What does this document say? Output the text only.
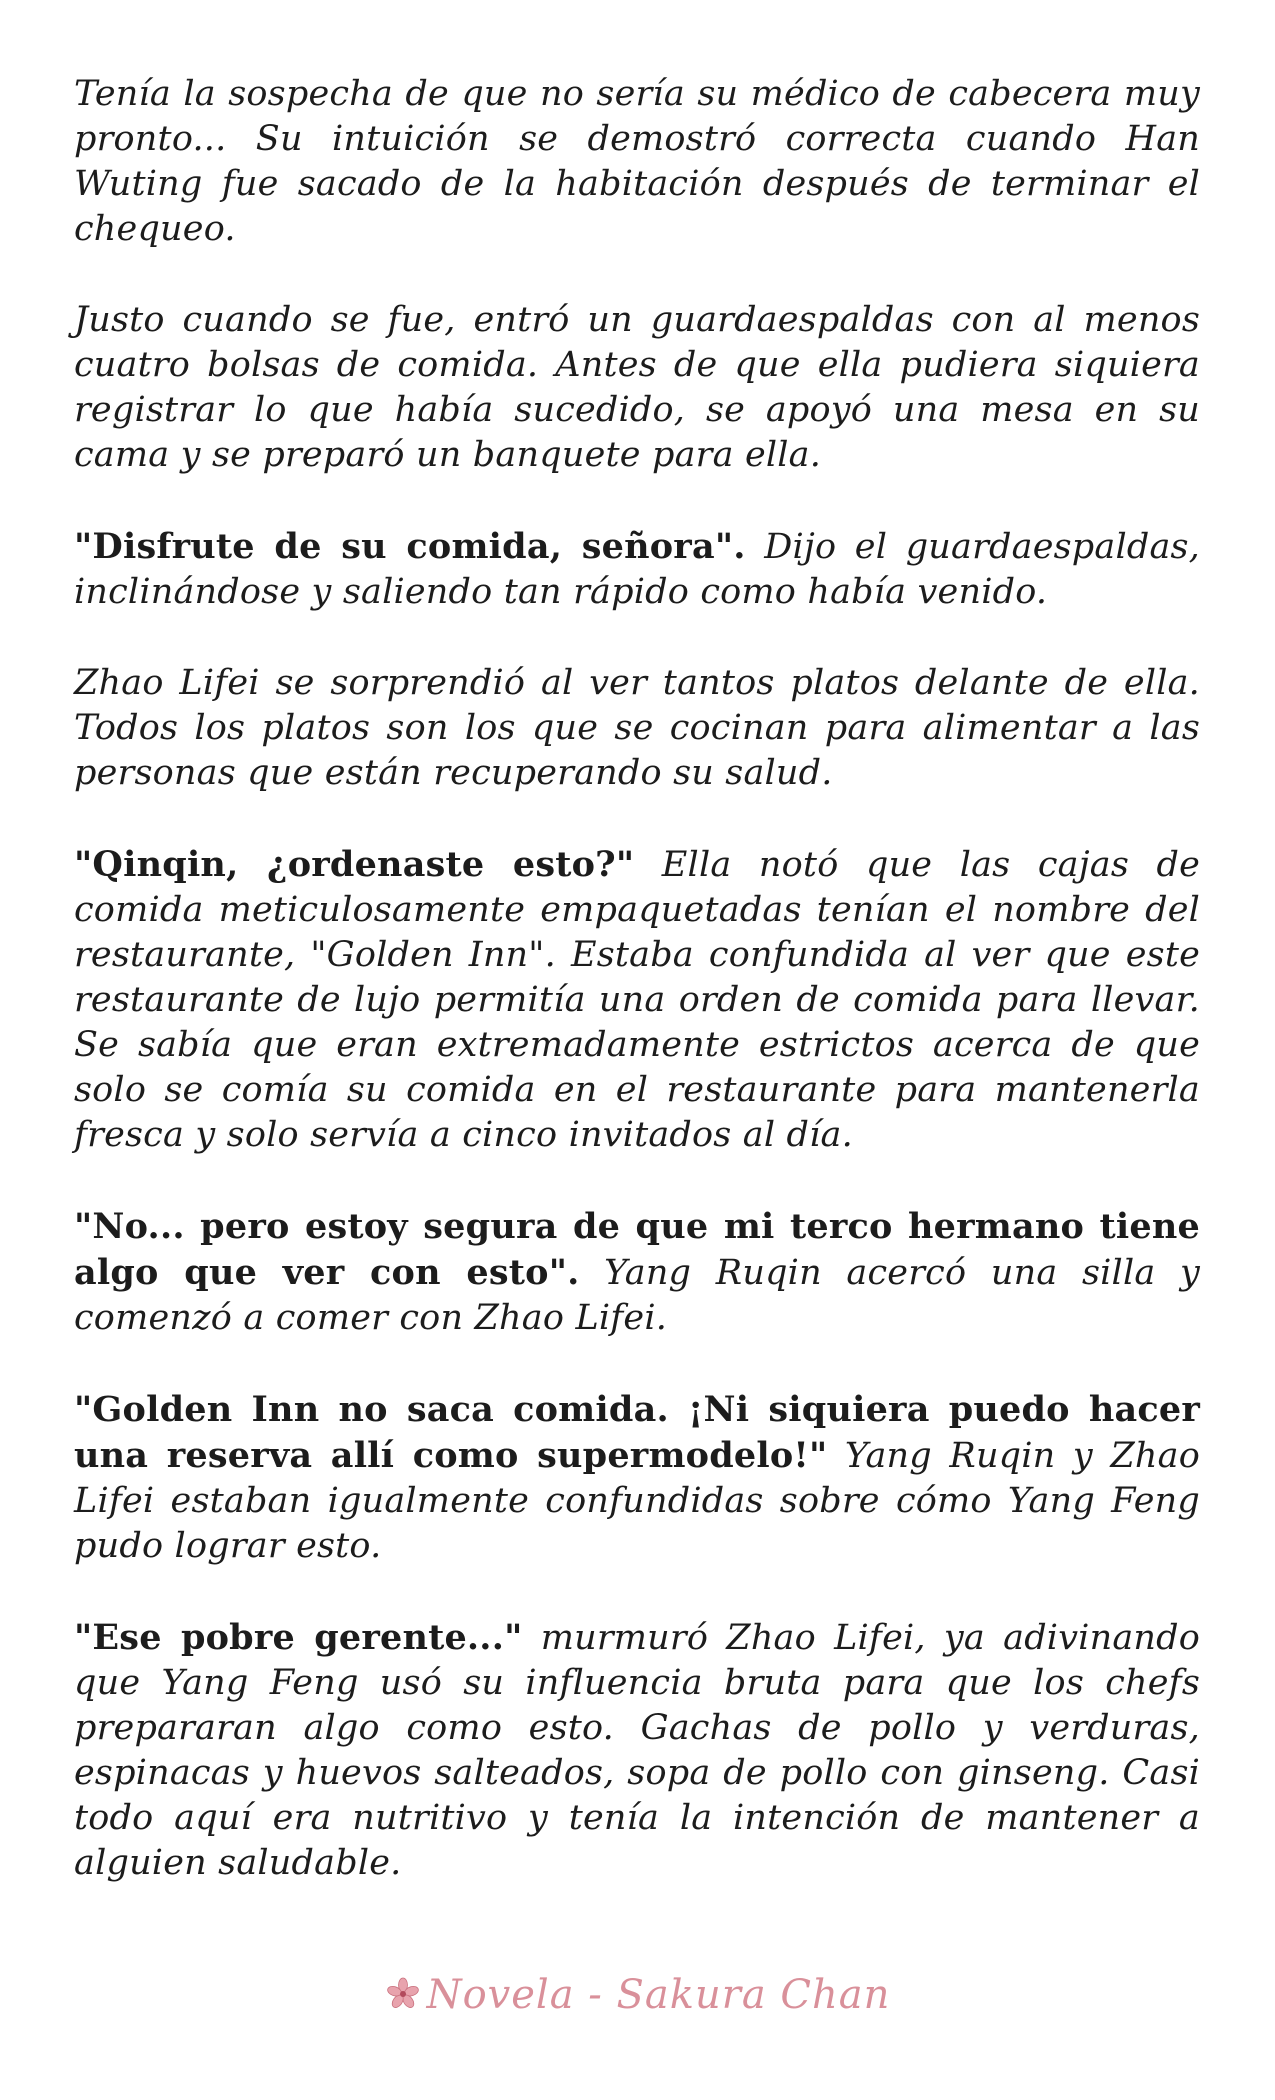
Tenía la sospecha de que no sería su médico de cabecera muy pronto... Su intuición se demostró correcta cuando Han Wuting fue sacado de la habitación después de terminar el chequeo.

Justo cuando se fue, entró un guardaespaldas con al menos cuatro bolsas de comida. Antes de que ella pudiera siquiera registrar lo que había sucedido, se apoyó una mesa en su cama y se preparó un banquete para ella.

"Disfrute de su comida, señora". Dijo el guardaespaldas, inclinándose y saliendo tan rápido como había venido.

Zhao Lifei se sorprendió al ver tantos platos delante de ella. Todos los platos son los que se cocinan para alimentar a las personas que están recuperando su salud.

"Qinqin, ¿ordenaste esto?" Ella notó que las cajas de comida meticulosamente empaquetadas tenían el nombre del restaurante, "Golden Inn". Estaba confundida al ver que este restaurante de lujo permitía una orden de comida para llevar. Se sabía que eran extremadamente estrictos acerca de que solo se comía su comida en el restaurante para mantenerla fresca y solo servía a cinco invitados al día.

"No... pero estoy segura de que mi terco hermano tiene algo que ver con esto". Yang Ruqin acercó una silla y comenzó a comer con Zhao Lifei.

"Golden Inn no saca comida. ¡Ni siquiera puedo hacer una reserva allí como supermodelo!" Yang Ruqin y Zhao Lifei estaban igualmente confundidas sobre cómo Yang Feng pudo lograr esto.

"Ese pobre gerente..." murmuró Zhao Lifei, ya adivinando que Yang Feng usó su influencia bruta para que los chefs prepararan algo como esto. Gachas de pollo y verduras, espinacas y huevos salteados, sopa de pollo con ginseng. Casi todo aquí era nutritivo y tenía la intención de mantener a alguien saludable.

Novela - Sakura Chan
